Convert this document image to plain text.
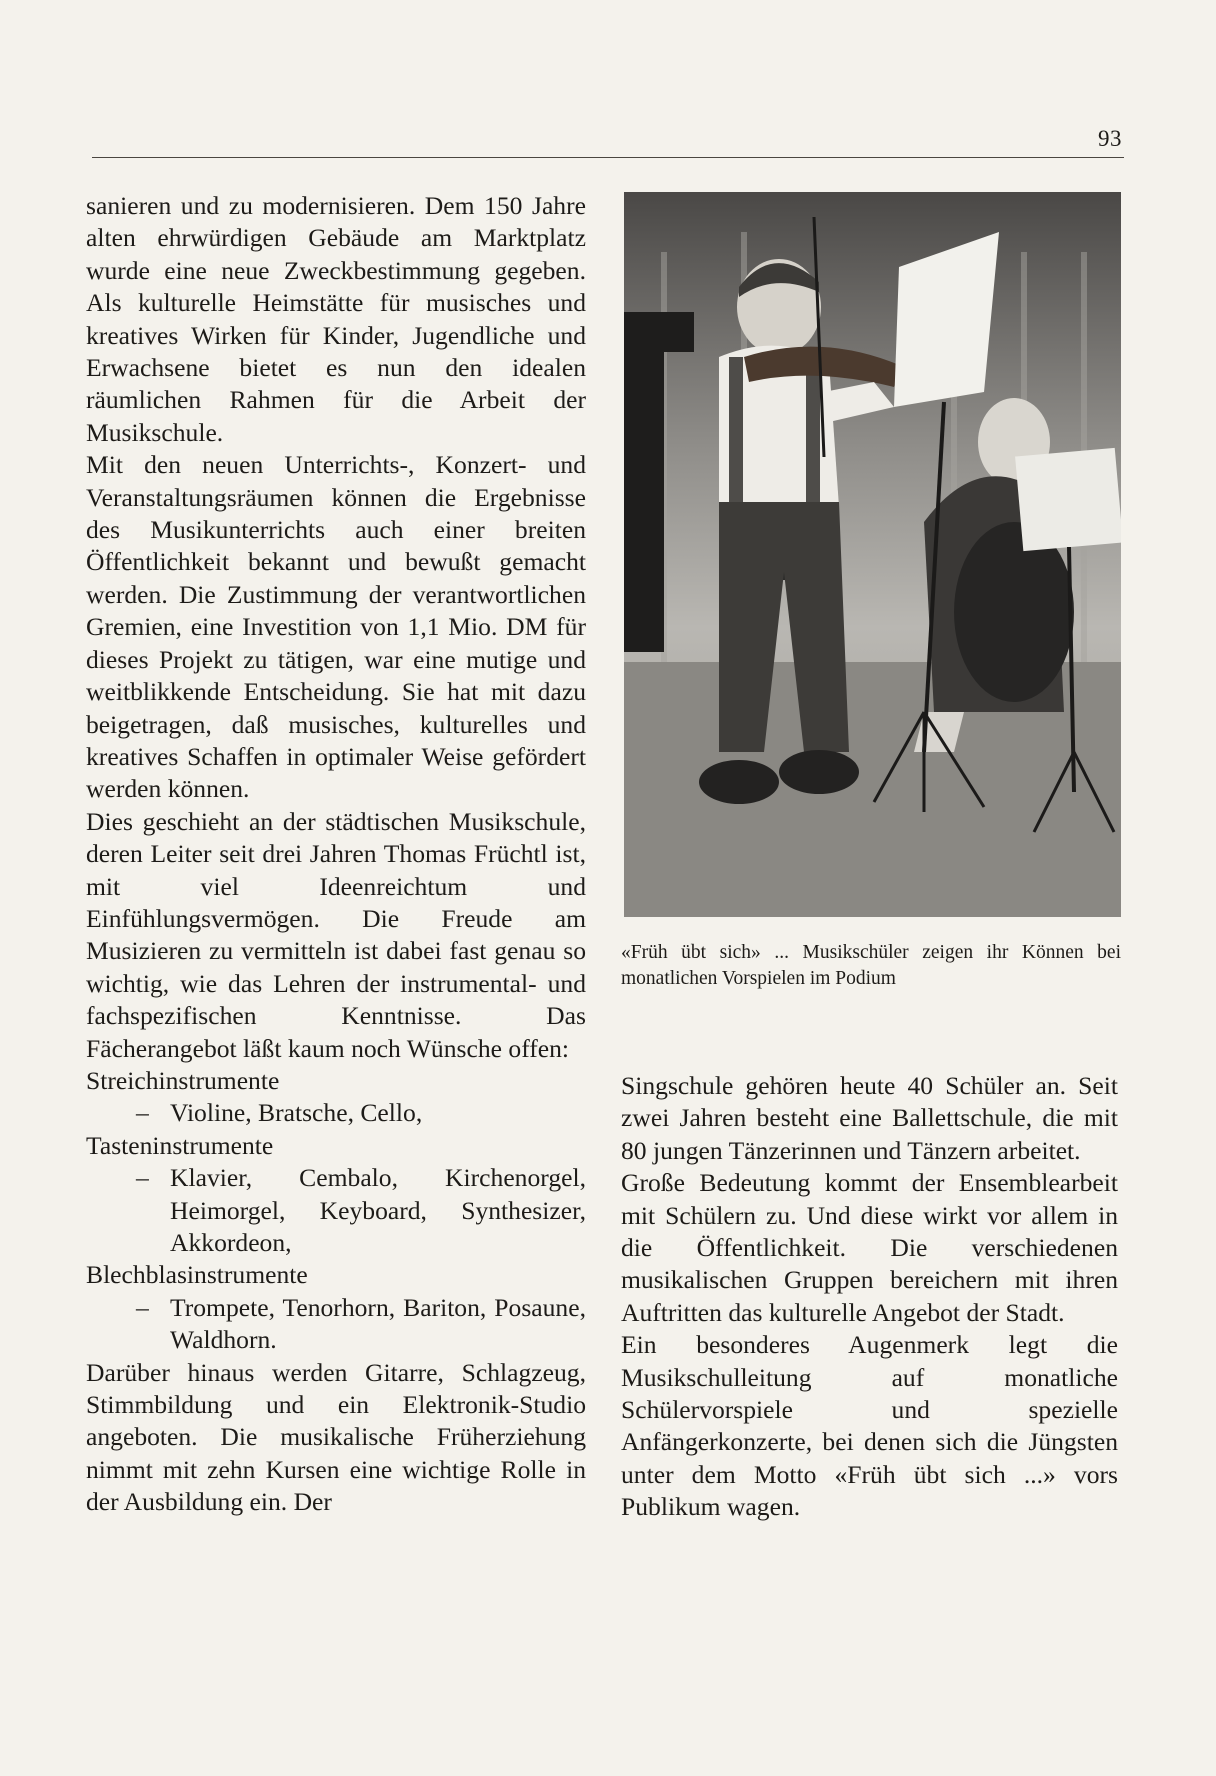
93

sanieren und zu modernisieren. Dem 150 Jahre alten ehrwürdigen Gebäude am Marktplatz wurde eine neue Zweckbestimmung gegeben. Als kulturelle Heimstätte für musisches und kreatives Wirken für Kinder, Jugendliche und Erwachsene bietet es nun den idealen räumlichen Rahmen für die Arbeit der Musikschule.

Mit den neuen Unterrichts-, Konzert- und Veranstaltungsräumen können die Ergebnisse des Musikunterrichts auch einer breiten Öffentlichkeit bekannt und bewußt gemacht werden. Die Zustimmung der verantwortlichen Gremien, eine Investition von 1,1 Mio. DM für dieses Projekt zu tätigen, war eine mutige und weitblikkende Entscheidung. Sie hat mit dazu beigetragen, daß musisches, kulturelles und kreatives Schaffen in optimaler Weise gefördert werden können.

Dies geschieht an der städtischen Musikschule, deren Leiter seit drei Jahren Thomas Früchtl ist, mit viel Ideenreichtum und Einfühlungsvermögen. Die Freude am Musizieren zu vermitteln ist dabei fast genau so wichtig, wie das Lehren der instrumental- und fachspezifischen Kenntnisse. Das Fächerangebot läßt kaum noch Wünsche offen:

Streichinstrumente
– Violine, Bratsche, Cello,
Tasteninstrumente
– Klavier, Cembalo, Kirchenorgel, Heimorgel, Keyboard, Synthesizer, Akkordeon,
Blechblasinstrumente
– Trompete, Tenorhorn, Bariton, Posaune, Waldhorn.

Darüber hinaus werden Gitarre, Schlagzeug, Stimmbildung und ein Elektronik-Studio angeboten. Die musikalische Früherziehung nimmt mit zehn Kursen eine wichtige Rolle in der Ausbildung ein. Der

«Früh übt sich» ... Musikschüler zeigen ihr Können bei monatlichen Vorspielen im Podium

Singschule gehören heute 40 Schüler an. Seit zwei Jahren besteht eine Ballettschule, die mit 80 jungen Tänzerinnen und Tänzern arbeitet.

Große Bedeutung kommt der Ensemblearbeit mit Schülern zu. Und diese wirkt vor allem in die Öffentlichkeit. Die verschiedenen musikalischen Gruppen bereichern mit ihren Auftritten das kulturelle Angebot der Stadt.

Ein besonderes Augenmerk legt die Musikschulleitung auf monatliche Schülervorspiele und spezielle Anfängerkonzerte, bei denen sich die Jüngsten unter dem Motto «Früh übt sich ...» vors Publikum wagen.
